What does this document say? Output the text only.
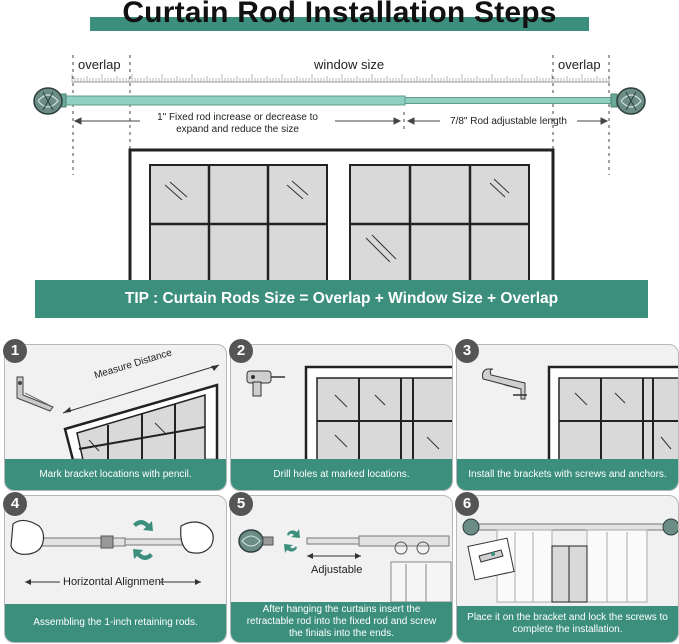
Curtain Rod Installation Steps
overlap	window size	overlap
1" Fixed rod increase or decrease to
expand and reduce the size
7/8" Rod adjustable length
TIP : Curtain Rods Size = Overlap + Window Size + Overlap
Measure Distance
Mark bracket locations with pencil.
1
Drill holes at marked locations.
2
Install the brackets with screws and anchors.
3
Horizontal Alignment
Assembling the 1-inch retaining rods.
4
Adjustable
After hanging the curtains insert the retractable rod into the fixed rod and screw the finials into the ends.
5
Place it on the bracket and lock the screws to complete the installation.
6
